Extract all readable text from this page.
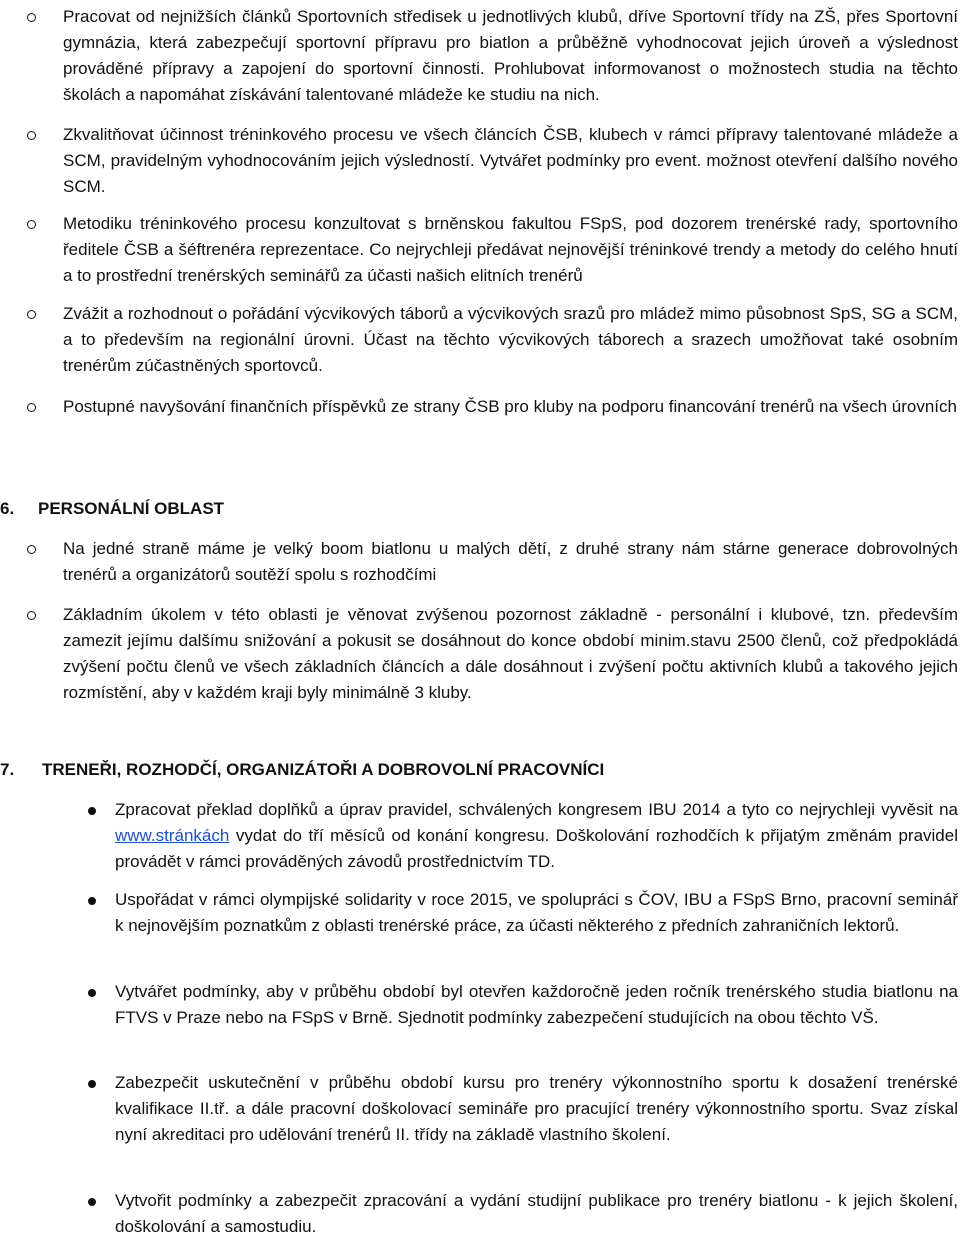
Pracovat od nejnižších článků Sportovních středisek u jednotlivých klubů, dříve Sportovní třídy na ZŠ, přes Sportovní gymnázia, která zabezpečují sportovní přípravu pro biatlon a průběžně vyhodnocovat jejich úroveň a výslednost prováděné přípravy a zapojení do sportovní činnosti. Prohlubovat informovanost o možnostech studia na těchto školách a napomáhat získávání talentované mládeže ke studiu na nich.
Zkvalitňovat účinnost tréninkového procesu ve všech článcích ČSB, klubech v rámci přípravy talentované mládeže a SCM, pravidelným vyhodnocováním jejich výsledností. Vytvářet podmínky pro event. možnost otevření dalšího nového SCM.
Metodiku tréninkového procesu konzultovat s brněnskou fakultou FSpS, pod dozorem trenérské rady, sportovního ředitele ČSB a šéftrenéra reprezentace. Co nejrychleji předávat nejnovější tréninkové trendy a metody do celého hnutí a to prostřední trenérských seminářů za účasti našich elitních trenérů
Zvážit a rozhodnout o pořádání výcvikových táborů a výcvikových srazů pro mládež mimo působnost SpS, SG a SCM, a to především na regionální úrovni. Účast na těchto výcvikových táborech a srazech umožňovat také osobním trenérům zúčastněných sportovců.
Postupné navyšování finančních příspěvků ze strany ČSB pro kluby na podporu financování trenérů na všech úrovních
6. PERSONÁLNÍ OBLAST
Na jedné straně máme je velký boom biatlonu u malých dětí, z druhé strany nám stárne generace dobrovolných trenérů a organizátorů soutěží spolu s rozhodčími
Základním úkolem v této oblasti je věnovat zvýšenou pozornost základně - personální i klubové, tzn. především zamezit jejímu dalšímu snižování a pokusit se dosáhnout do konce období minim.stavu 2500 členů, což předpokládá zvýšení počtu členů ve všech základních článcích a dále dosáhnout i zvýšení počtu aktivních klubů a takového jejich rozmístění, aby v každém kraji byly minimálně 3 kluby.
7. TRENEŘI, ROZHODČÍ, ORGANIZÁTOŘI A DOBROVOLNÍ PRACOVNÍCI
Zpracovat překlad doplňků a úprav pravidel, schválených kongresem IBU 2014 a tyto co nejrychleji vyvěsit na www.stránkách vydat do tří měsíců od konání kongresu. Doškolování rozhodčích k přijatým změnám pravidel provádět v rámci prováděných závodů prostřednictvím TD.
Uspořádat v rámci olympijské solidarity v roce 2015, ve spolupráci s ČOV, IBU a FSpS Brno, pracovní seminář k nejnovějším poznatkům z oblasti trenérské práce, za účasti některého z předních zahraničních lektorů.
Vytvářet podmínky, aby v průběhu období byl otevřen každoročně jeden ročník trenérského studia biatlonu na FTVS v Praze nebo na FSpS v Brně. Sjednotit podmínky zabezpečení studujících na obou těchto VŠ.
Zabezpečit uskutečnění v průběhu období kursu pro trenéry výkonnostního sportu k dosažení trenérské kvalifikace II.tř. a dále pracovní doškolovací semináře pro pracující trenéry výkonnostního sportu. Svaz získal nyní akreditaci pro udělování trenérů II. třídy na základě vlastního školení.
Vytvořit podmínky a zabezpečit zpracování a vydání studijní publikace pro trenéry biatlonu - k jejich školení, doškolování a samostudiu.
